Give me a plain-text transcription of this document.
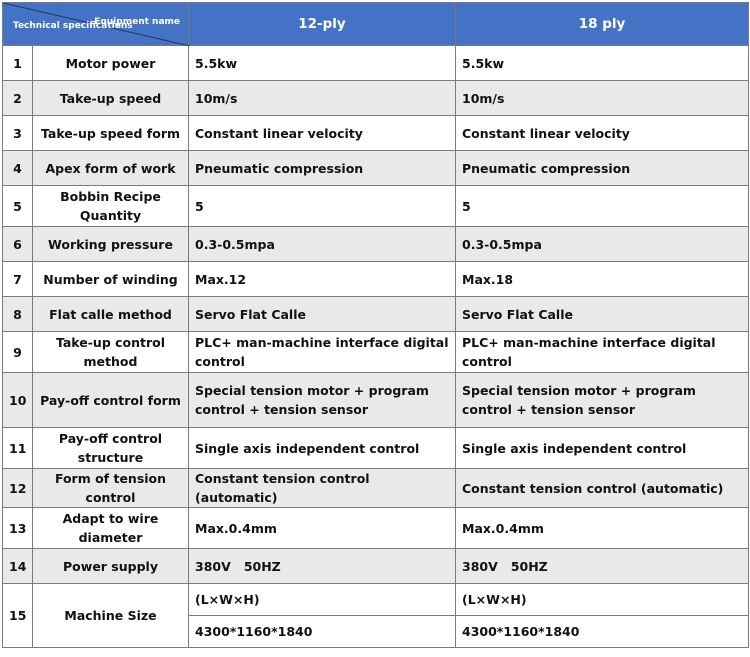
Equipment name
Technical specifications		12-ply	18 ply
1	Motor power	5.5kw	5.5kw
2	Take-up speed	10m/s	10m/s
3	Take-up speed form	Constant linear velocity	Constant linear velocity
4	Apex form of work	Pneumatic compression	Pneumatic compression
5	Bobbin Recipe Quantity	5	5
6	Working pressure	0.3-0.5mpa	0.3-0.5mpa
7	Number of winding	Max.12	Max.18
8	Flat calle method	Servo Flat Calle	Servo Flat Calle
9	Take-up control method	PLC+ man-machine interface digital control	PLC+ man-machine interface digital control
10	Pay-off control form	Special tension motor + program control + tension sensor	Special tension motor + program control + tension sensor
11	Pay-off control structure	Single axis independent control	Single axis independent control
12	Form of tension control	Constant tension control (automatic)	Constant tension control (automatic)
13	Adapt to wire diameter	Max.0.4mm	Max.0.4mm
14	Power supply	380V   50HZ	380V   50HZ
15	Machine Size	(L×W×H)	(L×W×H)
		4300*1160*1840	4300*1160*1840
